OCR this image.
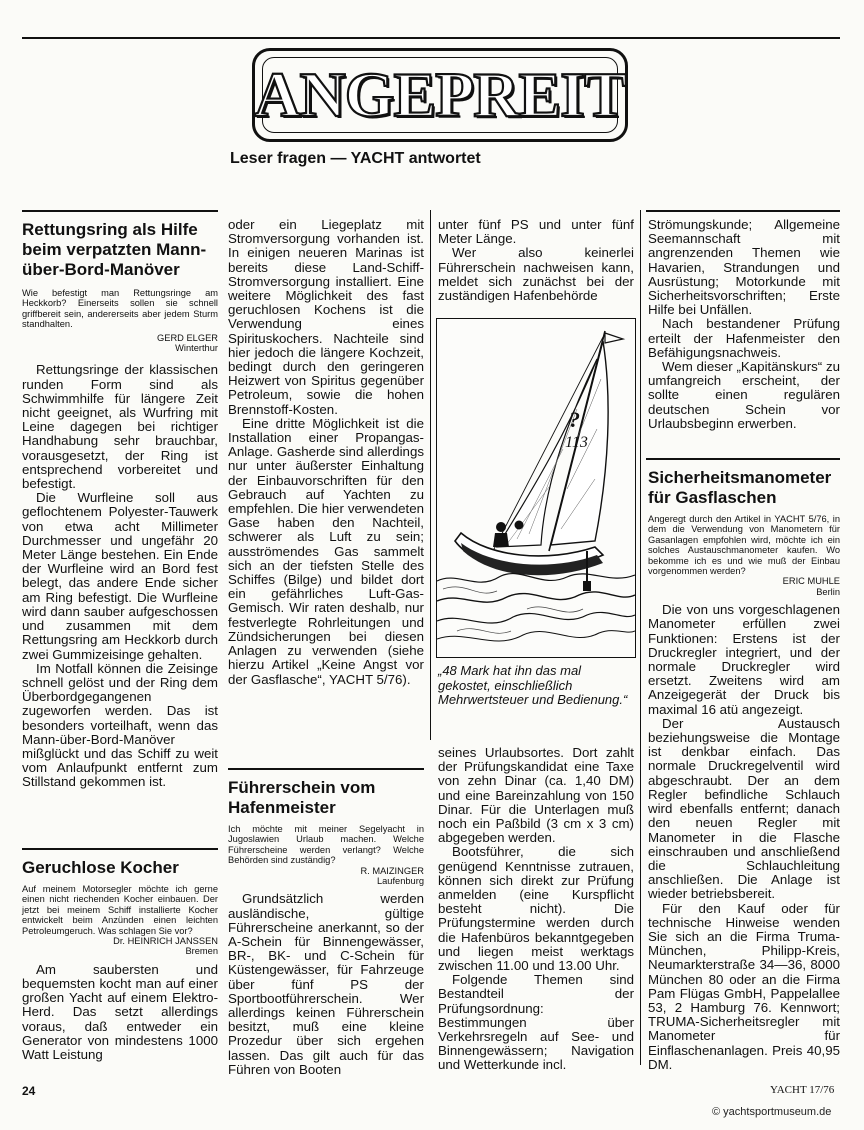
ANGEPREIT
Leser fragen — YACHT antwortet
Rettungsring als Hilfe beim verpatzten Mann-über-Bord-Manöver

Wie befestigt man Rettungsringe am Heckkorb? Einerseits sollen sie schnell griffbereit sein, andererseits aber jedem Sturm standhalten.

GERD ELGER

Winterthur

Rettungsringe der klassischen runden Form sind als Schwimmhilfe für längere Zeit nicht geeignet, als Wurfring mit Leine dagegen bei richtiger Handhabung sehr brauchbar, vorausgesetzt, der Ring ist entsprechend vorbereitet und befestigt.

Die Wurfleine soll aus geflochtenem Polyester-Tauwerk von etwa acht Millimeter Durchmesser und ungefähr 20 Meter Länge bestehen. Ein Ende der Wurfleine wird an Bord fest belegt, das andere Ende sicher am Ring befestigt. Die Wurfleine wird dann sauber aufgeschossen und zusammen mit dem Rettungsring am Heckkorb durch zwei Gummizeisinge gehalten.

Im Notfall können die Zeisinge schnell gelöst und der Ring dem Überbordgegangenen zugeworfen werden. Das ist besonders vorteilhaft, wenn das Mann-über-Bord-Manöver mißglückt und das Schiff zu weit vom Anlaufpunkt entfernt zum Stillstand gekommen ist.

Geruchlose Kocher

Auf meinem Motorsegler möchte ich gerne einen nicht riechenden Kocher einbauen. Der jetzt bei meinem Schiff installierte Kocher entwickelt beim Anzünden einen leichten Petroleumgeruch. Was schlagen Sie vor?

Dr. HEINRICH JANSSEN

Bremen

Am saubersten und bequemsten kocht man auf einer großen Yacht auf einem Elektro-Herd. Das setzt allerdings voraus, daß entweder ein Generator von mindestens 1000 Watt Leistung

oder ein Liegeplatz mit Stromversorgung vorhanden ist. In einigen neueren Marinas ist bereits diese Land-Schiff-Stromversorgung installiert. Eine weitere Möglichkeit des fast geruchlosen Kochens ist die Verwendung eines Spirituskochers. Nachteile sind hier jedoch die längere Kochzeit, bedingt durch den geringeren Heizwert von Spiritus gegenüber Petroleum, sowie die hohen Brennstoff-Kosten.

Eine dritte Möglichkeit ist die Installation einer Propangas-Anlage. Gasherde sind allerdings nur unter äußerster Einhaltung der Einbauvorschriften für den Gebrauch auf Yachten zu empfehlen. Die hier verwendeten Gase haben den Nachteil, schwerer als Luft zu sein; ausströmendes Gas sammelt sich an der tiefsten Stelle des Schiffes (Bilge) und bildet dort ein gefährliches Luft-Gas-Gemisch. Wir raten deshalb, nur festverlegte Rohrleitungen und Zündsicherungen bei diesen Anlagen zu verwenden (siehe hierzu Artikel „Keine Angst vor der Gasflasche“, YACHT 5/76).

Führerschein vom Hafenmeister

Ich möchte mit meiner Segelyacht in Jugoslawien Urlaub machen. Welche Führerscheine werden verlangt? Welche Behörden sind zuständig?

R. MAIZINGER

Laufenburg

Grundsätzlich werden ausländische, gültige Führerscheine anerkannt, so der A-Schein für Binnengewässer, BR-, BK- und C-Schein für Küstengewässer, für Fahrzeuge über fünf PS der Sportbootführerschein. Wer allerdings keinen Führerschein besitzt, muß eine kleine Prozedur über sich ergehen lassen. Das gilt auch für das Führen von Booten

unter fünf PS und unter fünf Meter Länge.

Wer also keinerlei Führerschein nachweisen kann, meldet sich zunächst bei der zuständigen Hafenbehörde

?
113

„48 Mark hat ihn das mal gekostet, einschließlich Mehrwertsteuer und Bedienung.“

seines Urlaubsortes. Dort zahlt der Prüfungskandidat eine Taxe von zehn Dinar (ca. 1,40 DM) und eine Bareinzahlung von 150 Dinar. Für die Unterlagen muß noch ein Paßbild (3 cm x 3 cm) abgegeben werden.

Bootsführer, die sich genügend Kenntnisse zutrauen, können sich direkt zur Prüfung anmelden (eine Kurspflicht besteht nicht). Die Prüfungstermine werden durch die Hafenbüros bekanntgegeben und liegen meist werktags zwischen 11.00 und 13.00 Uhr.

Folgende Themen sind Bestandteil der Prüfungsordnung: Bestimmungen über Verkehrsregeln auf See- und Binnengewässern; Navigation und Wetterkunde incl.

Strömungskunde; Allgemeine Seemannschaft mit angrenzenden Themen wie Havarien, Strandungen und Ausrüstung; Motorkunde mit Sicherheitsvorschriften; Erste Hilfe bei Unfällen.

Nach bestandener Prüfung erteilt der Hafenmeister den Befähigungsnachweis.

Wem dieser „Kapitänskurs“ zu umfangreich erscheint, der sollte einen regulären deutschen Schein vor Urlaubsbeginn erwerben.

Sicherheitsmanometer für Gasflaschen

Angeregt durch den Artikel in YACHT 5/76, in dem die Verwendung von Manometern für Gasanlagen empfohlen wird, möchte ich ein solches Austauschmanometer kaufen. Wo bekomme ich es und wie muß der Einbau vorgenommen werden?

ERIC MUHLE

Berlin

Die von uns vorgeschlagenen Manometer erfüllen zwei Funktionen: Erstens ist der Druckregler integriert, und der normale Druckregler wird ersetzt. Zweitens wird am Anzeigegerät der Druck bis maximal 16 atü angezeigt.

Der Austausch beziehungsweise die Montage ist denkbar einfach. Das normale Druckregelventil wird abgeschraubt. Der an dem Regler befindliche Schlauch wird ebenfalls entfernt; danach den neuen Regler mit Manometer in die Flasche einschrauben und anschließend die Schlauchleitung anschließen. Die Anlage ist wieder betriebsbereit.

Für den Kauf oder für technische Hinweise wenden Sie sich an die Firma Truma-München, Philipp-Kreis, Neumarkterstraße 34—36, 8000 München 80 oder an die Firma Pam Flügas GmbH, Pappelallee 53, 2 Hamburg 76. Kennwort; TRUMA-Sicherheitsregler mit Manometer für Einflaschenanlagen. Preis 40,95 DM.

24	YACHT 17/76
© yachtsportmuseum.de
